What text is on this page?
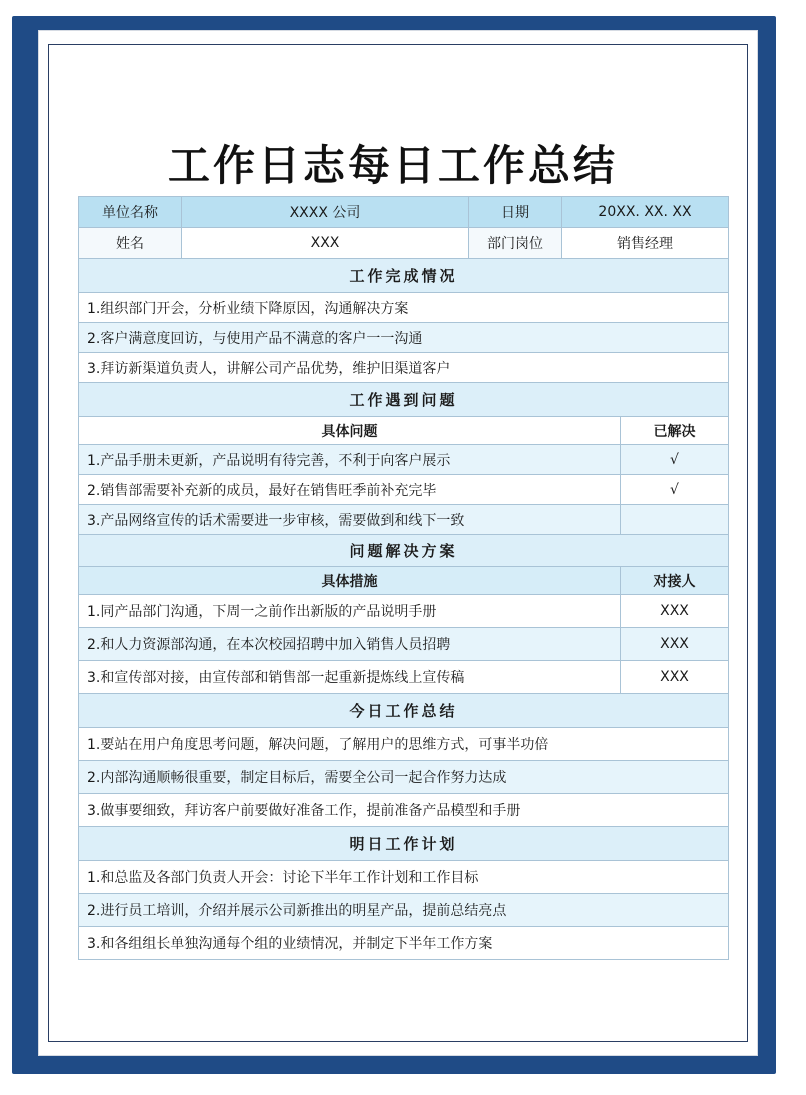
工作日志每日工作总结
单位名称	XXXX 公司	日期	20XX. XX. XX	
姓名	XXX	部门岗位	销售经理	
工作完成情况				
1.组织部门开会，分析业绩下降原因，沟通解决方案				
2.客户满意度回访，与使用产品不满意的客户一一沟通				
3.拜访新渠道负责人，讲解公司产品优势，维护旧渠道客户				
工作遇到问题				
具体问题				已解决
1.产品手册未更新，产品说明有待完善，不利于向客户展示				√
2.销售部需要补充新的成员，最好在销售旺季前补充完毕				√
3.产品网络宣传的话术需要进一步审核，需要做到和线下一致				
问题解决方案				
具体措施				对接人
1.同产品部门沟通，下周一之前作出新版的产品说明手册				XXX
2.和人力资源部沟通，在本次校园招聘中加入销售人员招聘				XXX
3.和宣传部对接，由宣传部和销售部一起重新提炼线上宣传稿				XXX
今日工作总结				
1.要站在用户角度思考问题，解决问题，了解用户的思维方式，可事半功倍				
2.内部沟通顺畅很重要，制定目标后，需要全公司一起合作努力达成				
3.做事要细致，拜访客户前要做好准备工作，提前准备产品模型和手册				
明日工作计划				
1.和总监及各部门负责人开会：讨论下半年工作计划和工作目标				
2.进行员工培训，介绍并展示公司新推出的明星产品，提前总结亮点				
3.和各组组长单独沟通每个组的业绩情况，并制定下半年工作方案				
